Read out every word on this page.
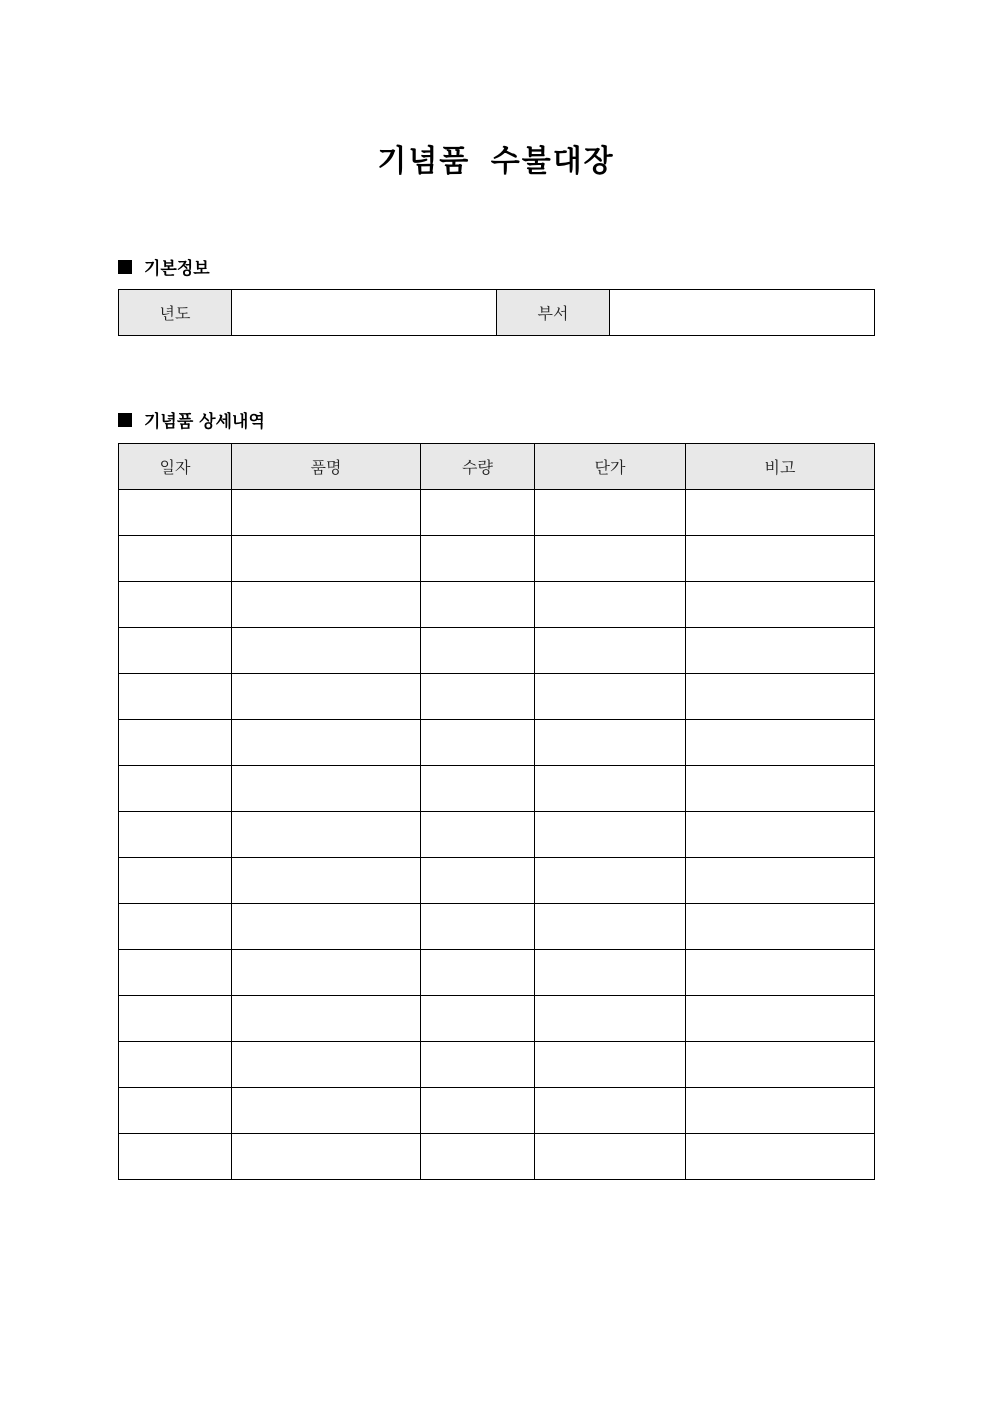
기념품 수불대장
기본정보
년도		부서	
기념품 상세내역
일자	품명	수량	단가	비고
